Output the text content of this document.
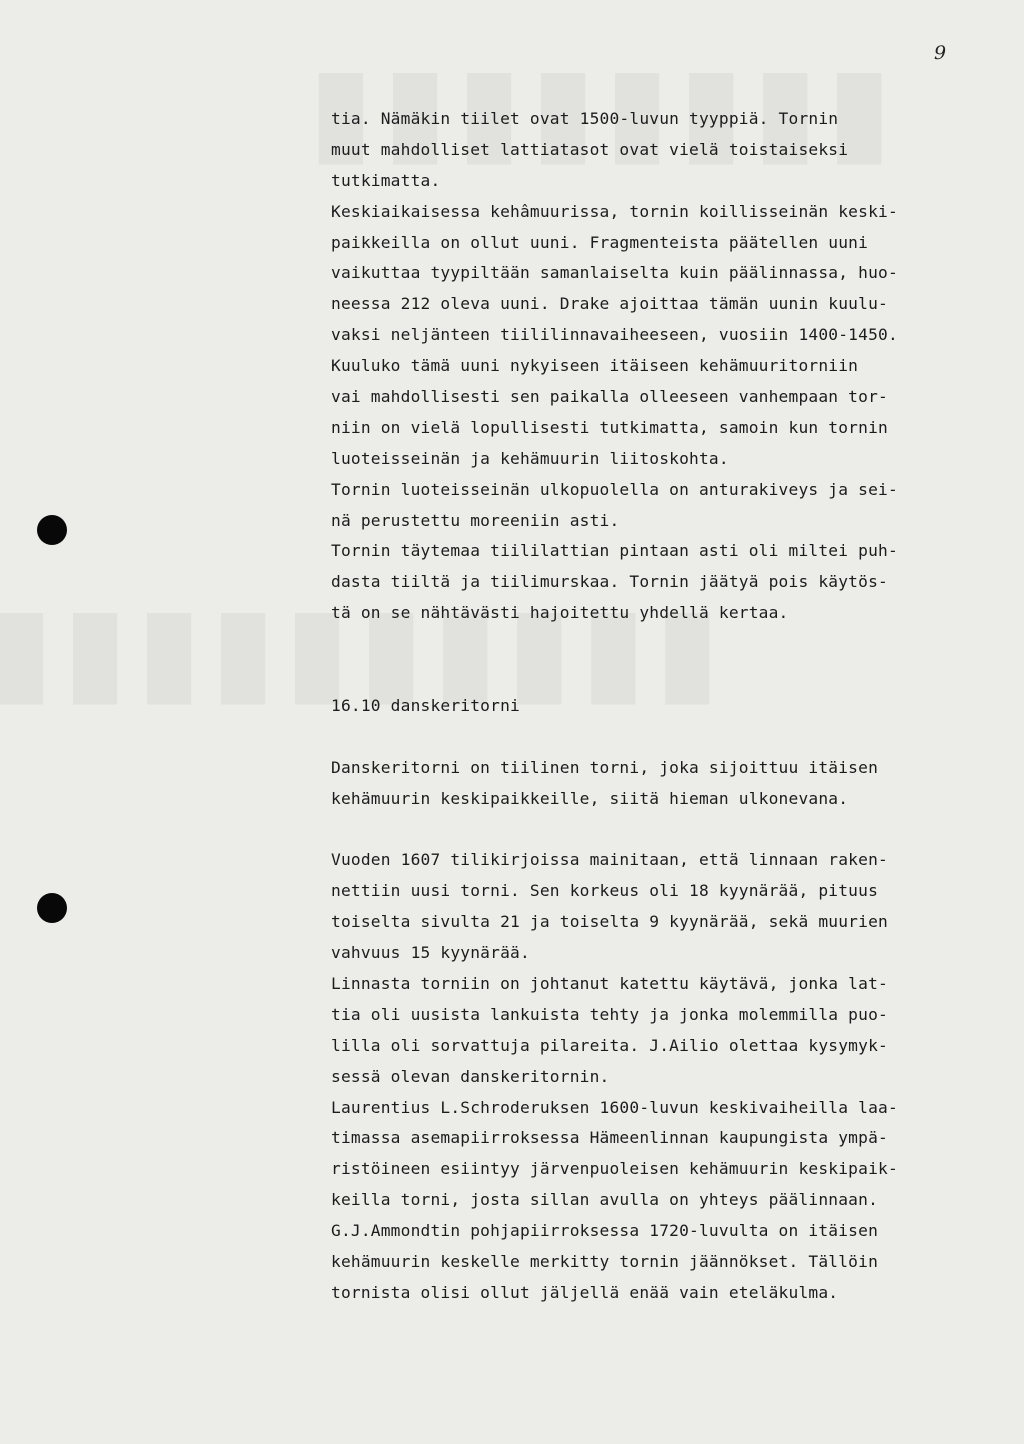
9
tia. Nämäkin tiilet ovat 1500-luvun tyyppiä. Tornin
muut mahdolliset lattiatasot ovat vielä toistaiseksi
tutkimatta.
Keskiaikaisessa kehâmuurissa, tornin koillisseinän keski-
paikkeilla on ollut uuni. Fragmenteista päätellen uuni
vaikuttaa tyypiltään samanlaiselta kuin päälinnassa, huo-
neessa 212 oleva uuni. Drake ajoittaa tämän uunin kuulu-
vaksi neljänteen tiililinnavaiheeseen, vuosiin 1400-1450.
Kuuluko tämä uuni nykyiseen itäiseen kehämuuritorniin
vai mahdollisesti sen paikalla olleeseen vanhempaan tor-
niin on vielä lopullisesti tutkimatta, samoin kun tornin
luoteisseinän ja kehämuurin liitoskohta.
Tornin luoteisseinän ulkopuolella on anturakiveys ja sei-
nä perustettu moreeniin asti.
Tornin täytemaa tiililattian pintaan asti oli miltei puh-
dasta tiiltä ja tiilimurskaa. Tornin jäätyä pois käytös-
tä on se nähtävästi hajoitettu yhdellä kertaa.
16.10 danskeritorni
Danskeritorni on tiilinen torni, joka sijoittuu itäisen
kehämuurin keskipaikkeille, siitä hieman ulkonevana.
Vuoden 1607 tilikirjoissa mainitaan, että linnaan raken-
nettiin uusi torni. Sen korkeus oli 18 kyynärää, pituus
toiselta sivulta 21 ja toiselta 9 kyynärää, sekä muurien
vahvuus 15 kyynärää.
Linnasta torniin on johtanut katettu käytävä, jonka lat-
tia oli uusista lankuista tehty ja jonka molemmilla puo-
lilla oli sorvattuja pilareita. J.Ailio olettaa kysymyk-
sessä olevan danskeritornin.
Laurentius L.Schroderuksen 1600-luvun keskivaiheilla laa-
timassa asemapiirroksessa Hämeenlinnan kaupungista ympä-
ristöineen esiintyy järvenpuoleisen kehämuurin keskipaik-
keilla torni, josta sillan avulla on yhteys päälinnaan.
G.J.Ammondtin pohjapiirroksessa 1720-luvulta on itäisen
kehämuurin keskelle merkitty tornin jäännökset. Tällöin
tornista olisi ollut jäljellä enää vain eteläkulma.
